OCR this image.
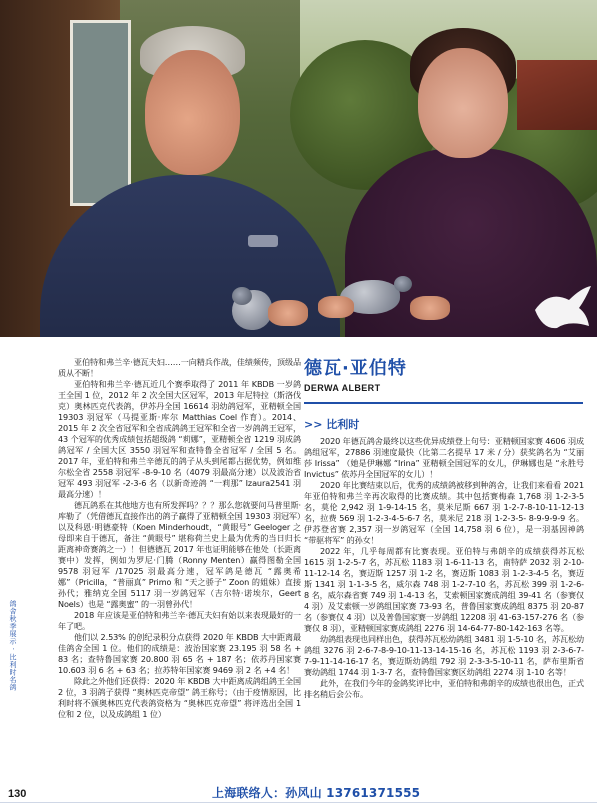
亚伯特和弗兰辛·德瓦夫妇……一向精兵作战，佳绩频传，顶级品质从不断！

亚伯特和弗兰辛·德瓦近几个赛季取得了 2011 年 KBDB 一岁鸽王全国 1 位，2012 年 2 次全国大区冠军，2013 年尼特拉（斯洛伐克）奥林匹克代表鸽，伊苏丹全国 16614 羽幼鸽冠军，亚精顿全国 19303 羽冠军（马提亚斯·库尔 Matthias Coel 作育）。2014、2015 年 2 次全省冠军和全省成鸽鸽王冠军和全省一岁鸽鸽王冠军，43 个冠军的优秀成绩包括超级鸽 “莉娜”，亚精顿全省 1219 羽成鸽鸽冠军 / 全国大区 3550 羽冠军和查特鲁全省冠军 / 全国 5 名。2017 年，亚伯特和弗兰辛德瓦的鸽子从头到尾都占据优势，例如维尔松全省 2558 羽冠军 -8-9-10 名（4079 羽最高分速）以及波治省冠军 493 羽冠军 -2-3-6 名（以新奇迹鸽 “一莉那” Izaura2541 羽最高分速）！

德瓦鸽系在其他地方也有所发挥吗？？？那么您就要问马普里斯·库勒了（凭借德瓦直接作出的鸽子赢得了亚精顿全国 19303 羽冠军）以及科恩·明德豪特（Koen Minderhoudt，“黄眼号” Geeloger 之母即来自于德瓦，备注 “黄眼号” 堪称荷兰史上最为优秀的当日归长距离神奇赛鸽之一）！但德德瓦 2017 年也证明能够在他处（长距离赛中）发挥，例如为罗尼·门腾（Ronny Menten）赢得图勒全国 9578 羽冠军 /17025 羽最高分速，冠军鸽是德瓦 “露奥希娜”（Pricilla，“普丽真” Primo 和 “天之骄子” Zoon 的姐妹）直接孙代；雅纳克全国 5117 羽一岁鸽冠军（吉尔特·诺埃尔，Geert Noels）也是 “露奥蜜” 的一羽曾孙代！

2018 年应该是亚伯特和弗兰辛·德瓦夫妇有始以来表现最好的一年了吧。

他们以 2.53% 的创纪录积分点获得 2020 年 KBDB 大中距离最佳鸽舍全国 1 位。他们的成绩是：波治国家赛 23.195 羽 58 名 + 83 名；查特鲁国家赛 20.800 羽 65 名 + 187 名；依苏丹国家赛 10.603 羽 6 名 + 63 名；拉苏特年国家赛 9469 羽 2 名 +4 名！

除此之外他们还获得：2020 年 KBDB 大中距离成鸽组鸽王全国 2 位，3 羽鸽子获得 “奥林匹克帝望” 鸽王称号；（由于疫情原因，比利时将不颁奥林匹克代表鸽资格为 “奥林匹克帝望” 将评选出全国 1 位和 2 位，以及成鸽组 1 位）

德瓦·亚伯特
DERWA ALBERT
>> 比利时

2020 年德瓦鸽舍最终以这些优异成绩登上句号：亚精顿国家赛 4606 羽成鸽组冠军，27886 羽速度最快（比第二名提早 17 米 / 分）获奖鸽名为 “艾丽莎 Irissa” （她是伊琳娜 “Irina” 亚精顿全国冠军的女儿，伊琳娜也是 “永胜号 Invictus” 依苏丹全国冠军的女儿）！

2020 年比赛结束以后，优秀的成绩鸽被移到种鸽舍，让我们来看看 2021 年亚伯特和弗兰辛再次取得的比赛成绩。其中包括赛梅森 1,768 羽 1-2-3-5 名，莫伦 2,942 羽 1-9-14-15 名，莫米尼斯 667 羽 1-2-7-8-10-11-12-13 名，拉费 569 羽 1-2-3-4-5-6-7 名，莫米尼 218 羽 1-2-3-5- 8-9-9-9-9 名。伊苏登省赛 2,357 羽一岁鸽冠军（全国 14,758 羽 6 位），是一羽基因神鸽 “带驱将军” 的孙女！

2022 年，几乎每周都有比赛表现。亚伯特与弗朗辛的成绩获得苏瓦松 1615 羽 1-2-5-7 名，苏瓦松 1183 羽 1-6-11-13 名，南特萨 2032 羽 2-10-11-12-14 名，赛迈斯 1257 羽 1-2 名，赛迈斯 1083 羽 1-2-3-4-5 名，赛迈斯 1341 羽 1-1-3-5 名，威尔森 748 羽 1-2-7-10 名，苏瓦松 399 羽 1-2-6-8 名，威尔森省赛 749 羽 1-4-13 名，艾索顿国家赛成鸽组 39-41 名（参赛仅 4 羽）及艾索顿一岁鸽组国家赛 73-93 名，普鲁国家赛成鸽组 8375 羽 20-87 名（参赛仅 4 羽）以及普鲁国家赛一岁鸽组 12208 羽 41-63-157-276 名（参赛仅 8 羽），亚精顿国家赛成鸽组 2276 羽 14-64-77-80-142-163 名等。

幼鸽组表现也同样出色，获得苏瓦松幼鸽组 3481 羽 1-5-10 名，苏瓦松幼鸽组 3276 羽 2-6-7-8-9-10-11-13-14-15-16 名，苏瓦松 1193 羽 2-3-6-7-7-9-11-14-16-17 名，赛迈斯幼鸽组 792 羽 2-3-3-5-10-11 名，萨布里斯省赛幼鸽组 1744 羽 1-3-7 名，查特鲁国家赛区幼鸽组 2274 羽 1-10 名等！

此外，在我们今年的金鸽奖评比中，亚伯特和弗朗辛的成绩也很出色，正式排名稍后会公布。

鸽舍秋季展示 · 比利时名鸽
130	上海联络人：孙风山 13761371555
